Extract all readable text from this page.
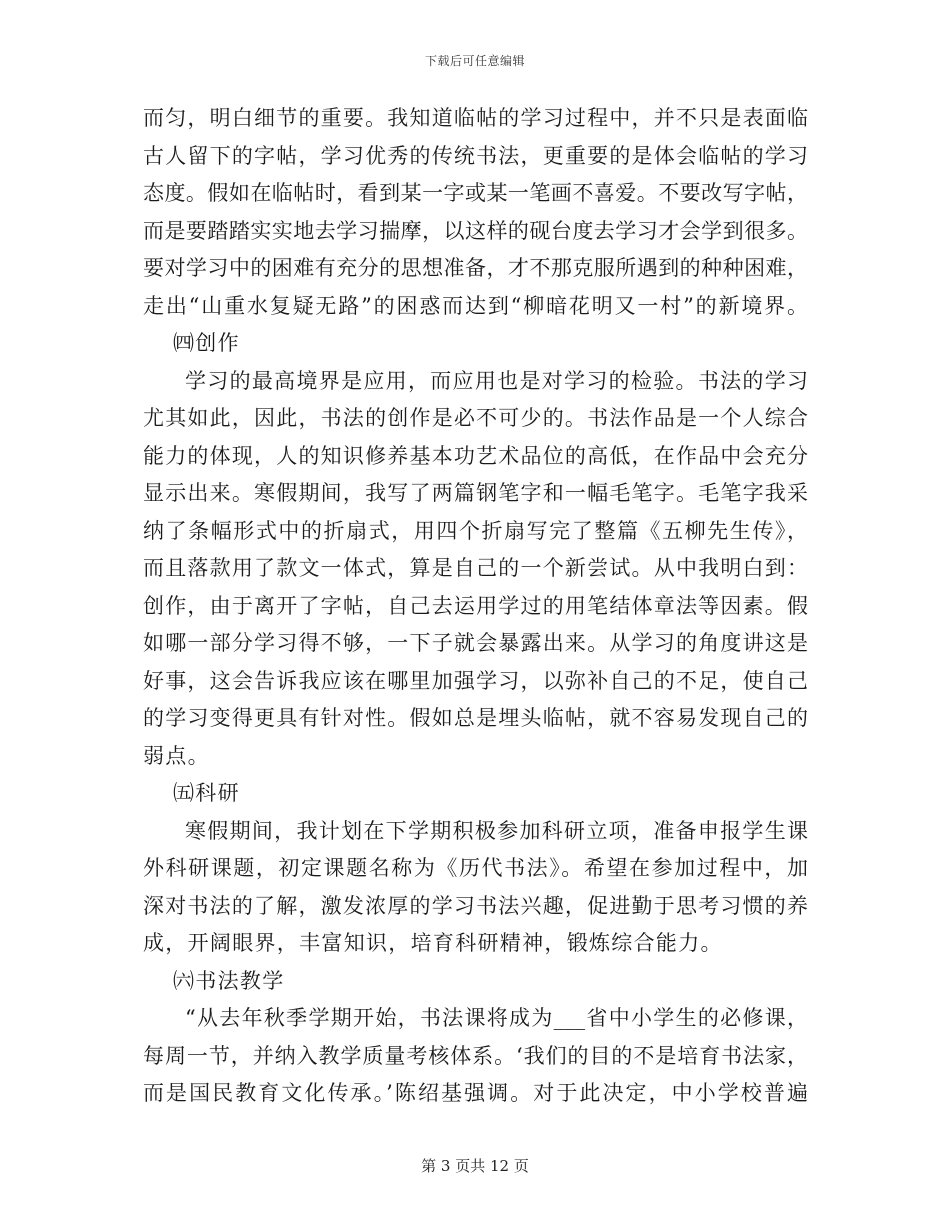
下载后可任意编辑
而匀，明白细节的重要。我知道临帖的学习过程中，并不只是表面临
古人留下的字帖，学习优秀的传统书法，更重要的是体会临帖的学习
态度。假如在临帖时，看到某一字或某一笔画不喜爱。不要改写字帖，
而是要踏踏实实地去学习揣摩，以这样的砚台度去学习才会学到很多。
要对学习中的困难有充分的思想准备，才不那克服所遇到的种种困难，
走出“山重水复疑无路”的困惑而达到“柳暗花明又一村”的新境界。
㈣创作
学习的最高境界是应用，而应用也是对学习的检验。书法的学习
尤其如此，因此，书法的创作是必不可少的。书法作品是一个人综合
能力的体现，人的知识修养基本功艺术品位的高低，在作品中会充分
显示出来。寒假期间，我写了两篇钢笔字和一幅毛笔字。毛笔字我采
纳了条幅形式中的折扇式，用四个折扇写完了整篇《五柳先生传》，
而且落款用了款文一体式，算是自己的一个新尝试。从中我明白到：
创作，由于离开了字帖，自己去运用学过的用笔结体章法等因素。假
如哪一部分学习得不够，一下子就会暴露出来。从学习的角度讲这是
好事，这会告诉我应该在哪里加强学习，以弥补自己的不足，使自己
的学习变得更具有针对性。假如总是埋头临帖，就不容易发现自己的
弱点。
㈤科研
寒假期间，我计划在下学期积极参加科研立项，准备申报学生课
外科研课题，初定课题名称为《历代书法》。希望在参加过程中，加
深对书法的了解，激发浓厚的学习书法兴趣，促进勤于思考习惯的养
成，开阔眼界，丰富知识，培育科研精神，锻炼综合能力。
㈥书法教学
“从去年秋季学期开始，书法课将成为___省中小学生的必修课，
每周一节，并纳入教学质量考核体系。‘我们的目的不是培育书法家，
而是国民教育文化传承。’陈绍基强调。对于此决定，中小学校普遍
第 3 页共 12 页
